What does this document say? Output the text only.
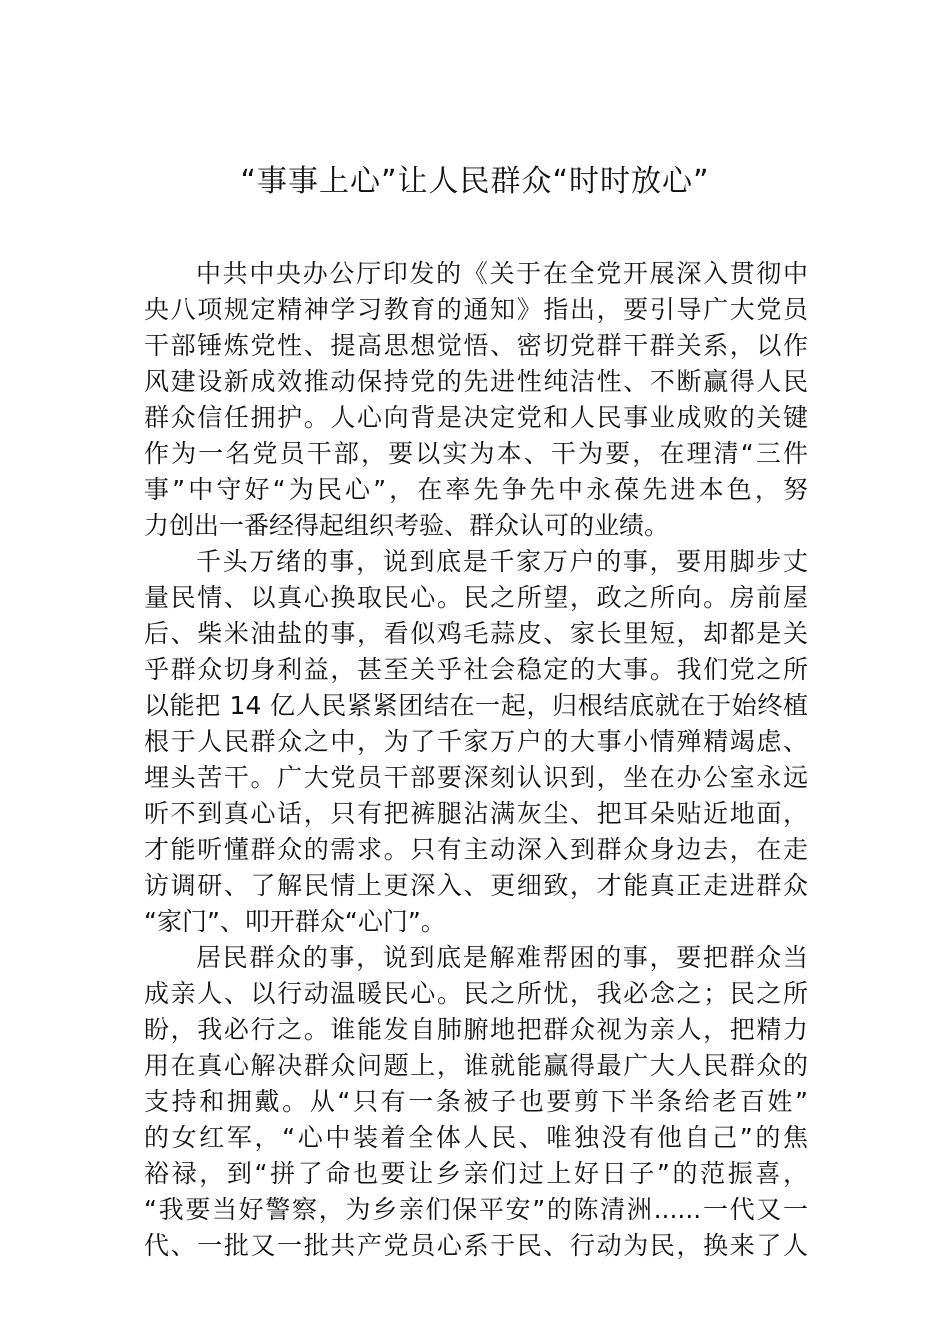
“事事上心”让人民群众“时时放心”
中共中央办公厅印发的《关于在全党开展深入贯彻中
央八项规定精神学习教育的通知》指出，要引导广大党员
干部锤炼党性、提高思想觉悟、密切党群干群关系，以作
风建设新成效推动保持党的先进性纯洁性、不断赢得人民
群众信任拥护。人心向背是决定党和人民事业成败的关键
作为一名党员干部，要以实为本、干为要，在理清“三件
事”中守好“为民心”，在率先争先中永葆先进本色，努
力创出一番经得起组织考验、群众认可的业绩。
千头万绪的事，说到底是千家万户的事，要用脚步丈
量民情、以真心换取民心。民之所望，政之所向。房前屋
后、柴米油盐的事，看似鸡毛蒜皮、家长里短，却都是关
乎群众切身利益，甚至关乎社会稳定的大事。我们党之所
以能把 14 亿人民紧紧团结在一起，归根结底就在于始终植
根于人民群众之中，为了千家万户的大事小情殚精竭虑、
埋头苦干。广大党员干部要深刻认识到，坐在办公室永远
听不到真心话，只有把裤腿沾满灰尘、把耳朵贴近地面，
才能听懂群众的需求。只有主动深入到群众身边去，在走
访调研、了解民情上更深入、更细致，才能真正走进群众
“家门”、叩开群众“心门”。
居民群众的事，说到底是解难帮困的事，要把群众当
成亲人、以行动温暖民心。民之所忧，我必念之；民之所
盼，我必行之。谁能发自肺腑地把群众视为亲人，把精力
用在真心解决群众问题上，谁就能赢得最广大人民群众的
支持和拥戴。从“只有一条被子也要剪下半条给老百姓”
的女红军，“心中装着全体人民、唯独没有他自己”的焦
裕禄，到“拼了命也要让乡亲们过上好日子”的范振喜，
“我要当好警察，为乡亲们保平安”的陈清洲......一代又一
代、一批又一批共产党员心系于民、行动为民，换来了人
